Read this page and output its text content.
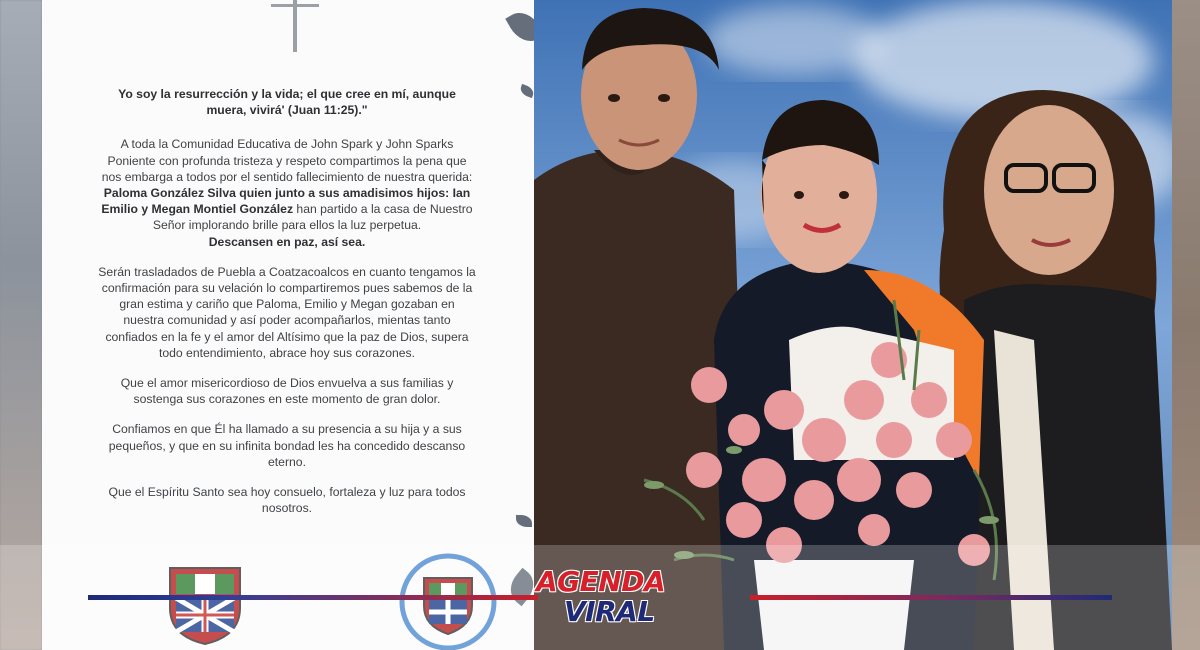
Yo soy la resurrección y la vida; el que cree en mí, aunque muera, vivirá' (Juan 11:25)."

A toda la Comunidad Educativa de John Spark y John Sparks Poniente con profunda tristeza y respeto compartimos la pena que nos embarga a todos por el sentido fallecimiento de nuestra querida:
Paloma González Silva quien junto a sus amadisimos hijos: Ian Emilio y Megan Montiel González han partido a la casa de Nuestro Señor implorando brille para ellos la luz perpetua.
Descansen en paz, así sea.

Serán trasladados de Puebla a Coatzacoalcos en cuanto tengamos la confirmación para su velación lo compartiremos pues sabemos de la gran estima y cariño que Paloma, Emilio y Megan gozaban en nuestra comunidad y así poder acompañarlos, mientas tanto confiados en la fe y el amor del Altísimo que la paz de Dios, supera todo entendimiento, abrace hoy sus corazones.

Que el amor misericordioso de Dios envuelva a sus familias y sostenga sus corazones en este momento de gran dolor.

Confiamos en que Él ha llamado a su presencia a su hija y a sus pequeños, y que en su infinita bondad les ha concedido descanso eterno.

Que el Espíritu Santo sea hoy consuelo, fortaleza y luz para todos nosotros.

AGENDA
VIRAL
